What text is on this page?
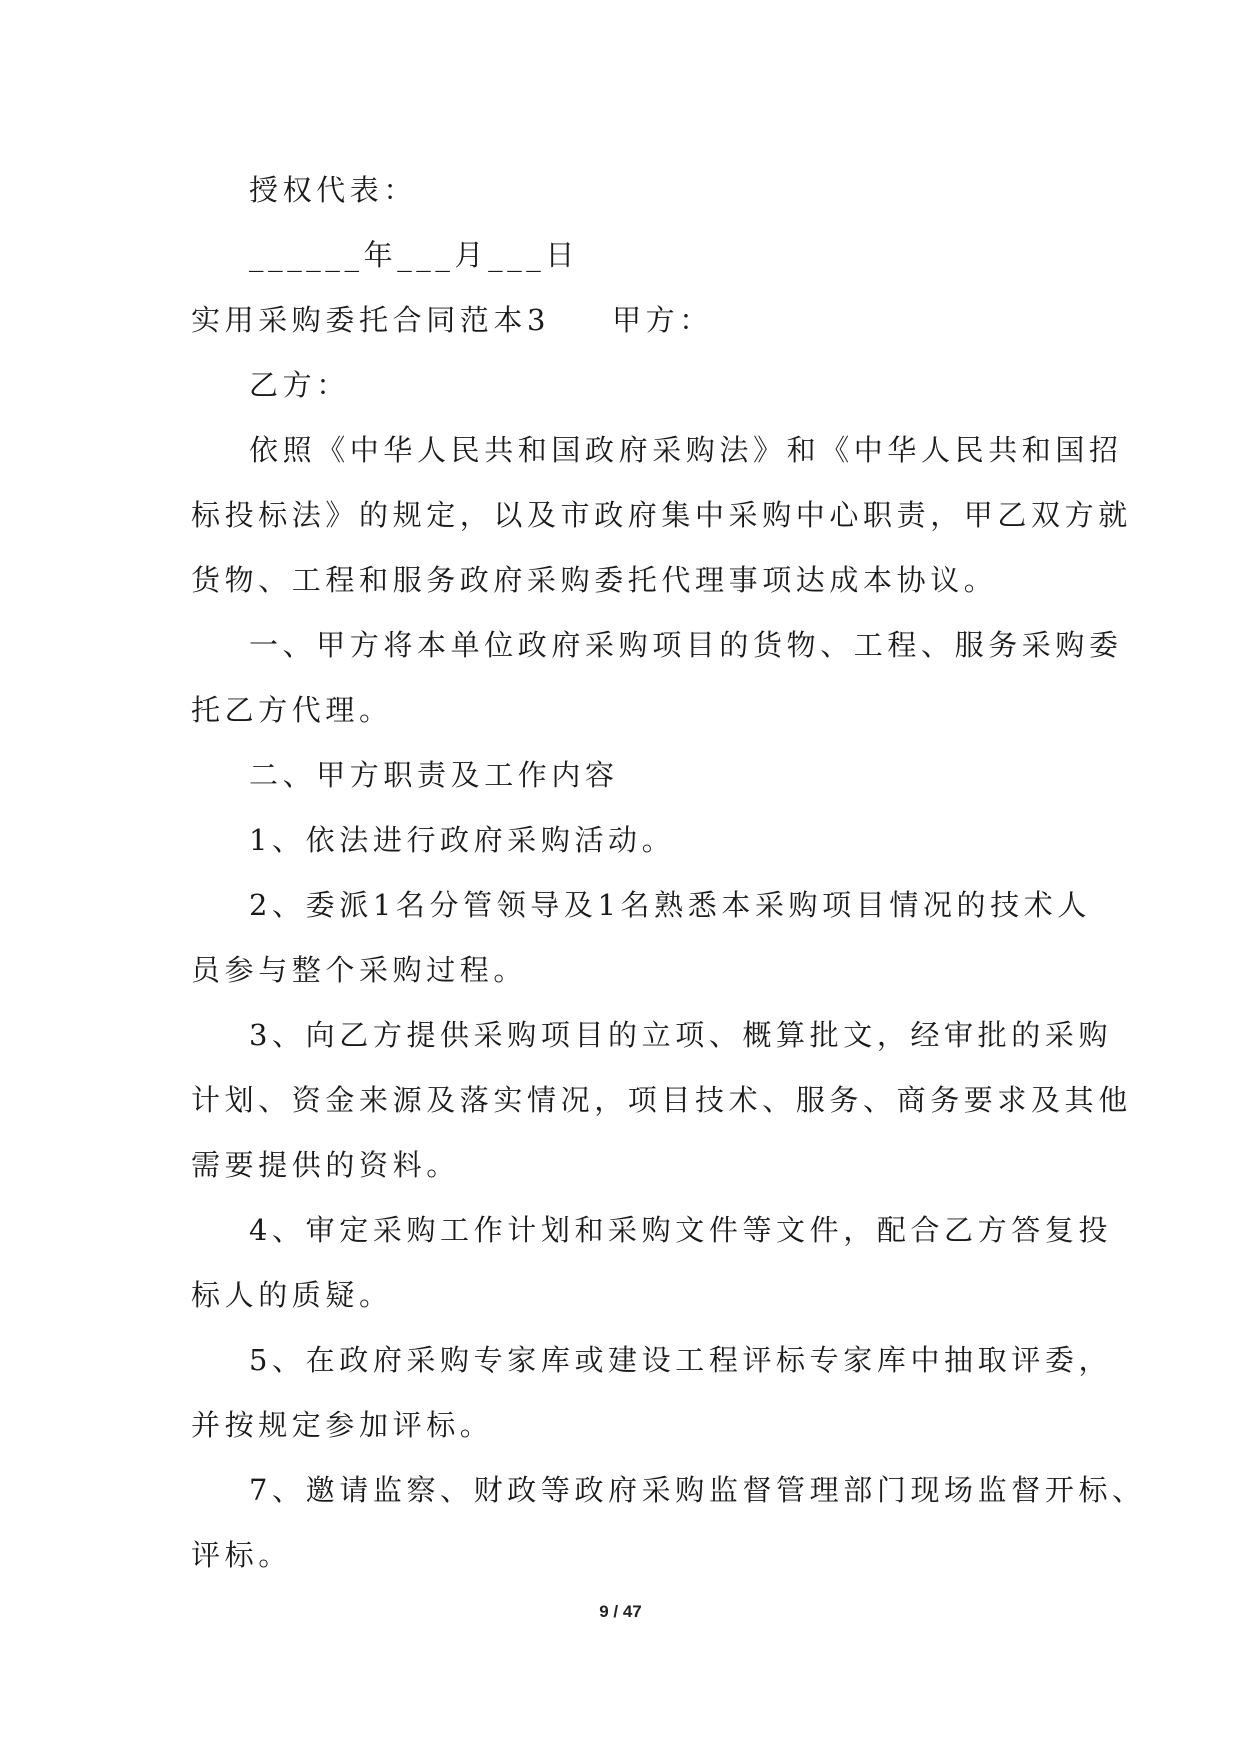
授权代表：
______年___月___日
实用采购委托合同范本3 甲方：
乙方：
依照《中华人民共和国政府采购法》和《中华人民共和国招
标投标法》的规定，以及市政府集中采购中心职责，甲乙双方就
货物、工程和服务政府采购委托代理事项达成本协议。
一、甲方将本单位政府采购项目的货物、工程、服务采购委
托乙方代理。
二、甲方职责及工作内容
1、依法进行政府采购活动。
2、委派1名分管领导及1名熟悉本采购项目情况的技术人
员参与整个采购过程。
3、向乙方提供采购项目的立项、概算批文，经审批的采购
计划、资金来源及落实情况，项目技术、服务、商务要求及其他
需要提供的资料。
4、审定采购工作计划和采购文件等文件，配合乙方答复投
标人的质疑。
5、在政府采购专家库或建设工程评标专家库中抽取评委，
并按规定参加评标。
7、邀请监察、财政等政府采购监督管理部门现场监督开标、
评标。
9 / 47
